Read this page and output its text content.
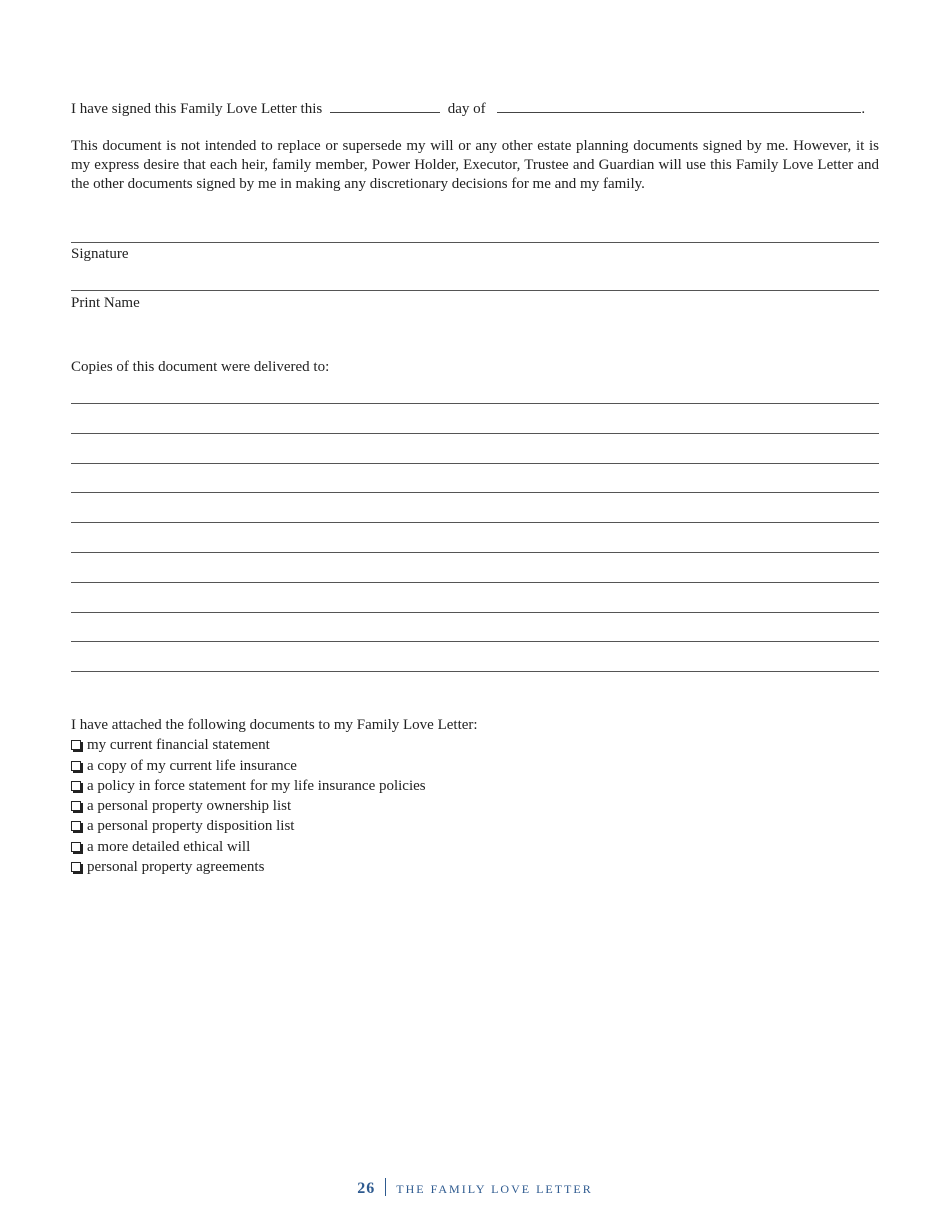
I have signed this Family Love Letter this	day of	.
This document is not intended to replace or supersede my will or any other estate planning documents signed by me. However, it is my express desire that each heir, family member, Power Holder, Executor, Trustee and Guardian will use this Family Love Letter and the other documents signed by me in making any discretionary decisions for me and my family.
Signature
Print Name
Copies of this document were delivered to:
I have attached the following documents to my Family Love Letter:
my current financial statement
a copy of my current life insurance
a policy in force statement for my life insurance policies
a personal property ownership list
a personal property disposition list
a more detailed ethical will
personal property agreements
26 THE FAMILY LOVE LETTER
